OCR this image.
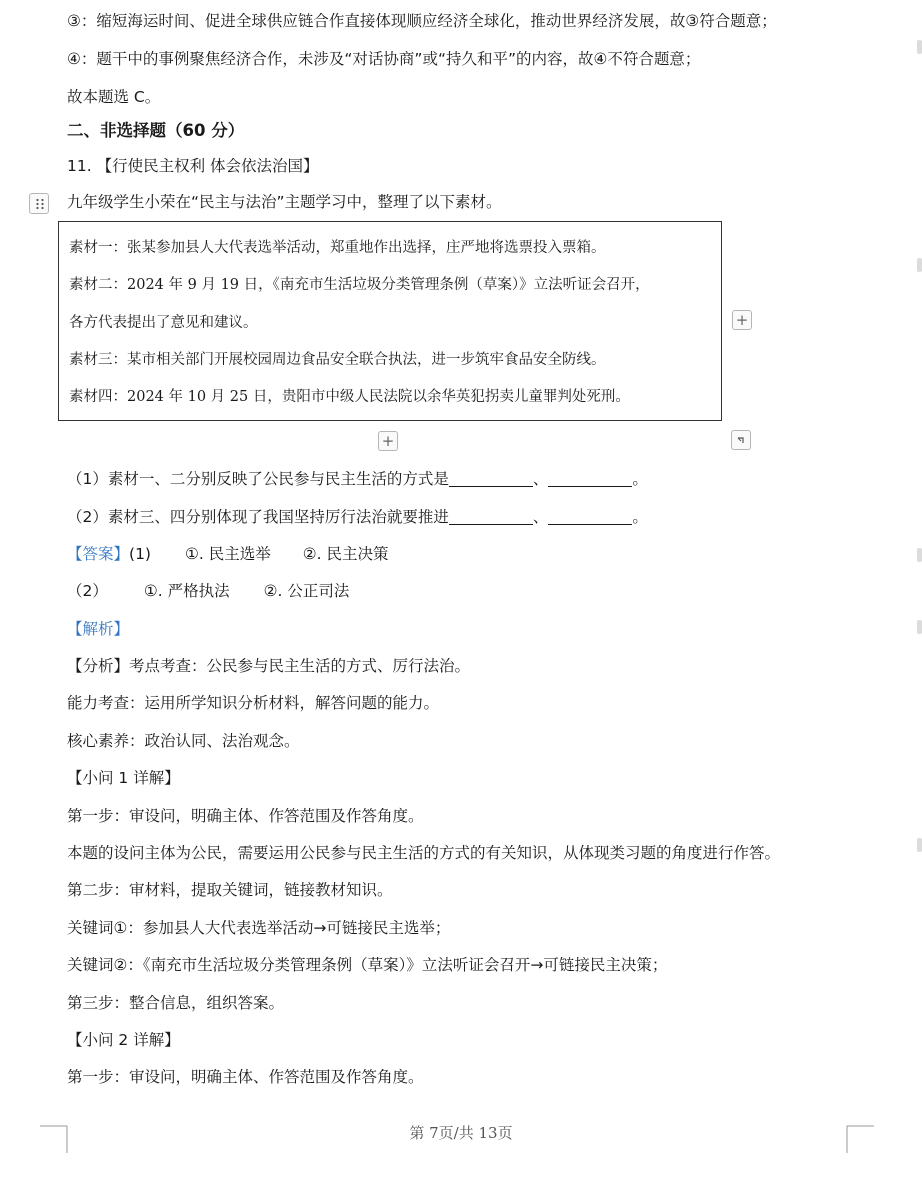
③：缩短海运时间、促进全球供应链合作直接体现顺应经济全球化，推动世界经济发展，故③符合题意；
④：题干中的事例聚焦经济合作，未涉及“对话协商”或“持久和平”的内容，故④不符合题意；
故本题选 C。
二、非选择题（60 分）
11. 【行使民主权利 体会依法治国】
九年级学生小荣在“民主与法治”主题学习中，整理了以下素材。
素材一：张某参加县人大代表选举活动，郑重地作出选择，庄严地将选票投入票箱。
素材二：2024 年 9 月 19 日，《南充市生活垃圾分类管理条例（草案）》立法听证会召开，
各方代表提出了意见和建议。
素材三：某市相关部门开展校园周边食品安全联合执法，进一步筑牢食品安全防线。
素材四：2024 年 10 月 25 日，贵阳市中级人民法院以余华英犯拐卖儿童罪判处死刑。
+
+
（1）素材一、二分别反映了公民参与民主生活的方式是	、	。
（2）素材三、四分别体现了我国坚持厉行法治就要推进	、	。
【答案】(1) ①. 民主选举 ②. 民主决策
（2） ①. 严格执法 ②. 公正司法
【解析】
【分析】考点考查：公民参与民主生活的方式、厉行法治。
能力考查：运用所学知识分析材料，解答问题的能力。
核心素养：政治认同、法治观念。
【小问 1 详解】
第一步：审设问，明确主体、作答范围及作答角度。
本题的设问主体为公民，需要运用公民参与民主生活的方式的有关知识，从体现类习题的角度进行作答。
第二步：审材料，提取关键词，链接教材知识。
关键词①：参加县人大代表选举活动→可链接民主选举；
关键词②：《南充市生活垃圾分类管理条例（草案）》立法听证会召开→可链接民主决策；
第三步：整合信息，组织答案。
【小问 2 详解】
第一步：审设问，明确主体、作答范围及作答角度。
第 7页/共 13页
